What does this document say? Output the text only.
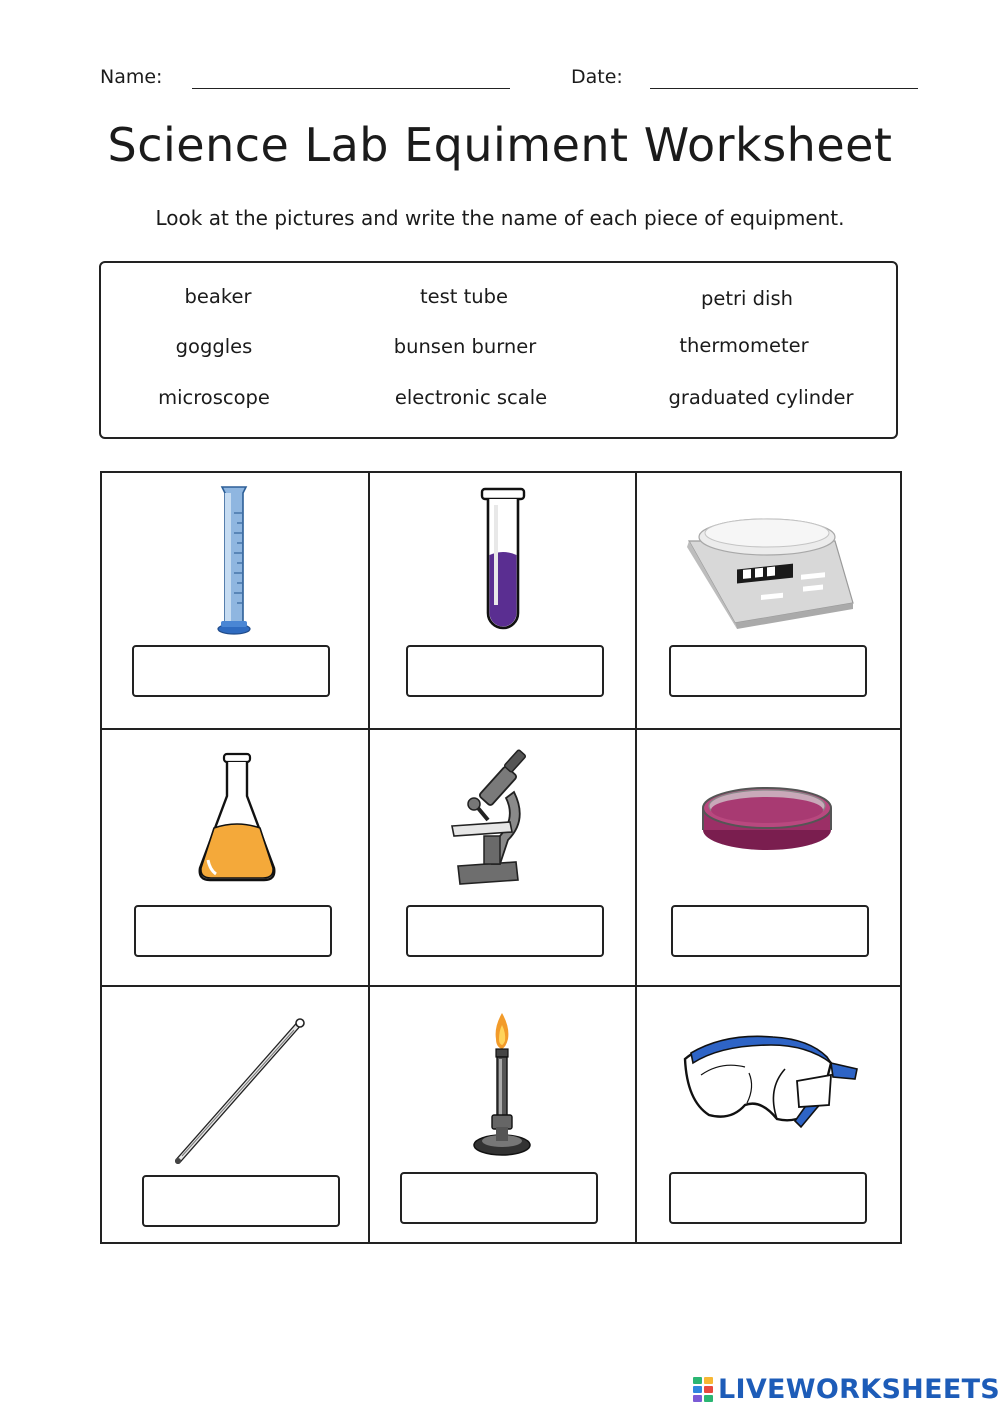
Name:	Date:
Science Lab Equiment Worksheet
Look at the pictures and write the name of each piece of equipment.
beaker	test tube	petri dish
goggles	bunsen burner	thermometer
microscope	electronic scale	graduated cylinder
LIVEWORKSHEETS
